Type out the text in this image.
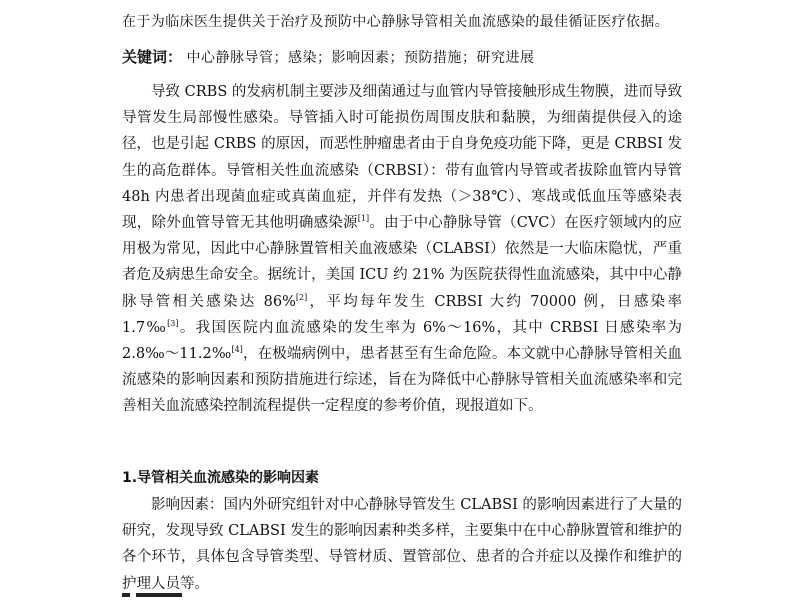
在于为临床医生提供关于治疗及预防中心静脉导管相关血流感染的最佳循证医疗依据。
关键词： 中心静脉导管；感染；影响因素；预防措施；研究进展

导致 CRBS 的发病机制主要涉及细菌通过与血管内导管接触形成生物膜，进而导致导管发生局部慢性感染。导管插入时可能损伤周围皮肤和黏膜，为细菌提供侵入的途径，也是引起 CRBS 的原因，而恶性肿瘤患者由于自身免疫功能下降，更是 CRBSI 发生的高危群体。导管相关性血流感染（CRBSI）：带有血管内导管或者拔除血管内导管 48h 内患者出现菌血症或真菌血症，并伴有发热（＞38℃）、寒战或低血压等感染表现，除外血管导管无其他明确感染源[1]。由于中心静脉导管（CVC）在医疗领域内的应用极为常见，因此中心静脉置管相关血液感染（CLABSI）依然是一大临床隐忧，严重者危及病患生命安全。据统计，美国 ICU 约 21% 为医院获得性血流感染，其中中心静脉导管相关感染达 86%[2]，平均每年发生 CRBSI 大约 70000 例，日感染率 1.7‰[3]。我国医院内血流感染的发生率为 6%～16%，其中 CRBSI 日感染率为 2.8‰～11.2‰[4]，在极端病例中，患者甚至有生命危险。本文就中心静脉导管相关血流感染的影响因素和预防措施进行综述，旨在为降低中心静脉导管相关血流感染率和完善相关血流感染控制流程提供一定程度的参考价值，现报道如下。

1.导管相关血流感染的影响因素

影响因素：国内外研究组针对中心静脉导管发生 CLABSI 的影响因素进行了大量的研究，发现导致 CLABSI 发生的影响因素种类多样，主要集中在中心静脉置管和维护的各个环节，具体包含导管类型、导管材质、置管部位、患者的合并症以及操作和维护的护理人员等。
